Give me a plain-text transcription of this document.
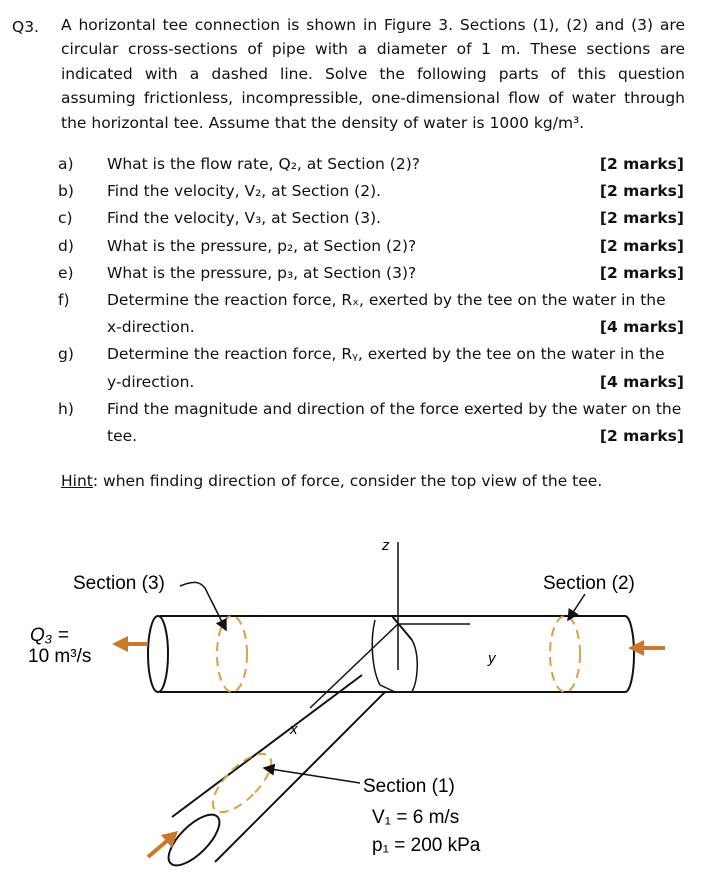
Q3. A horizontal tee connection is shown in Figure 3. Sections (1), (2) and (3) are circular cross-sections of pipe with a diameter of 1 m. These sections are indicated with a dashed line. Solve the following parts of this question assuming frictionless, incompressible, one-dimensional flow of water through the horizontal tee. Assume that the density of water is 1000 kg/m³.
a) What is the flow rate, Q₂, at Section (2)?	[2 marks]
b) Find the velocity, V₂, at Section (2).	[2 marks]
c) Find the velocity, V₃, at Section (3).	[2 marks]
d) What is the pressure, p₂, at Section (2)?	[2 marks]
e) What is the pressure, p₃, at Section (3)?	[2 marks]
f) Determine the reaction force, Rₓ, exerted by the tee on the water in the
x-direction.	[4 marks]
g) Determine the reaction force, Rᵧ, exerted by the tee on the water in the
y-direction.	[4 marks]
h) Find the magnitude and direction of the force exerted by the water on the
tee.	[2 marks]
Hint: when finding direction of force, consider the top view of the tee.
z
y
x
Section (3)	Section (2)
Section (1)
Q₃ =
10 m³/s
V₁ = 6 m/s
p₁ = 200 kPa
